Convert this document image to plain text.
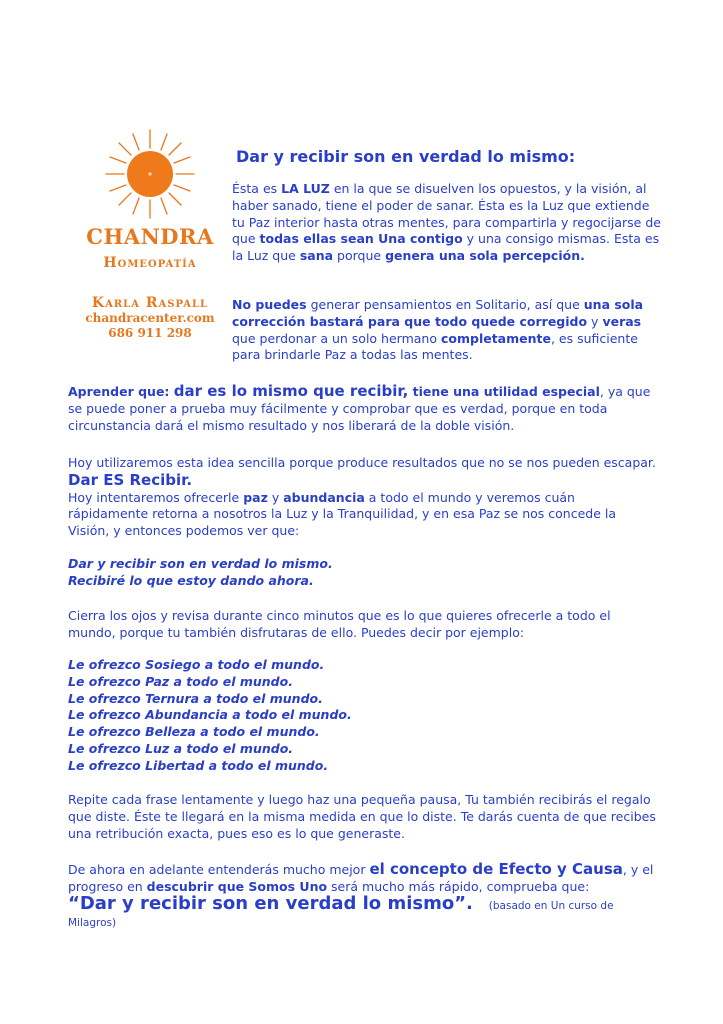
CHANDRA
Homeopatía
Karla Raspall
chandracenter.com
686 911 298
Dar y recibir son en verdad lo mismo:

Ésta es LA LUZ en la que se disuelven los opuestos, y la visión, al haber sanado, tiene el poder de sanar. Ésta es la Luz que extiende tu Paz interior hasta otras mentes, para compartirla y regocijarse de que todas ellas sean Una contigo y una consigo mismas. Esta es la Luz que sana porque genera una sola percepción.

No puedes generar pensamientos en Solitario, así que una sola corrección bastará para que todo quede corregido y veras que perdonar a un solo hermano completamente, es suficiente para brindarle Paz a todas las mentes.

Aprender que: dar es lo mismo que recibir, tiene una utilidad especial, ya que se puede poner a prueba muy fácilmente y comprobar que es verdad, porque en toda circunstancia dará el mismo resultado y nos liberará de la doble visión.

Hoy utilizaremos esta idea sencilla porque produce resultados que no se nos pueden escapar. Dar ES Recibir.
Hoy intentaremos ofrecerle paz y abundancia a todo el mundo y veremos cuán rápidamente retorna a nosotros la Luz y la Tranquilidad, y en esa Paz se nos concede la Visión, y entonces podemos ver que:

Dar y recibir son en verdad lo mismo.
Recibiré lo que estoy dando ahora.

Cierra los ojos y revisa durante cinco minutos que es lo que quieres ofrecerle a todo el mundo, porque tu también disfrutaras de ello. Puedes decir por ejemplo:

Le ofrezco Sosiego a todo el mundo.
Le ofrezco Paz a todo el mundo.
Le ofrezco Ternura a todo el mundo.
Le ofrezco Abundancia a todo el mundo.
Le ofrezco Belleza a todo el mundo.
Le ofrezco Luz a todo el mundo.
Le ofrezco Libertad a todo el mundo.

Repite cada frase lentamente y luego haz una pequeña pausa, Tu también recibirás el regalo que diste. Éste te llegará en la misma medida en que lo diste. Te darás cuenta de que recibes una retribución exacta, pues eso es lo que generaste.

De ahora en adelante entenderás mucho mejor el concepto de Efecto y Causa, y el progreso en descubrir que Somos Uno será mucho más rápido, comprueba que:
“Dar y recibir son en verdad lo mismo”. (basado en Un curso de Milagros)
